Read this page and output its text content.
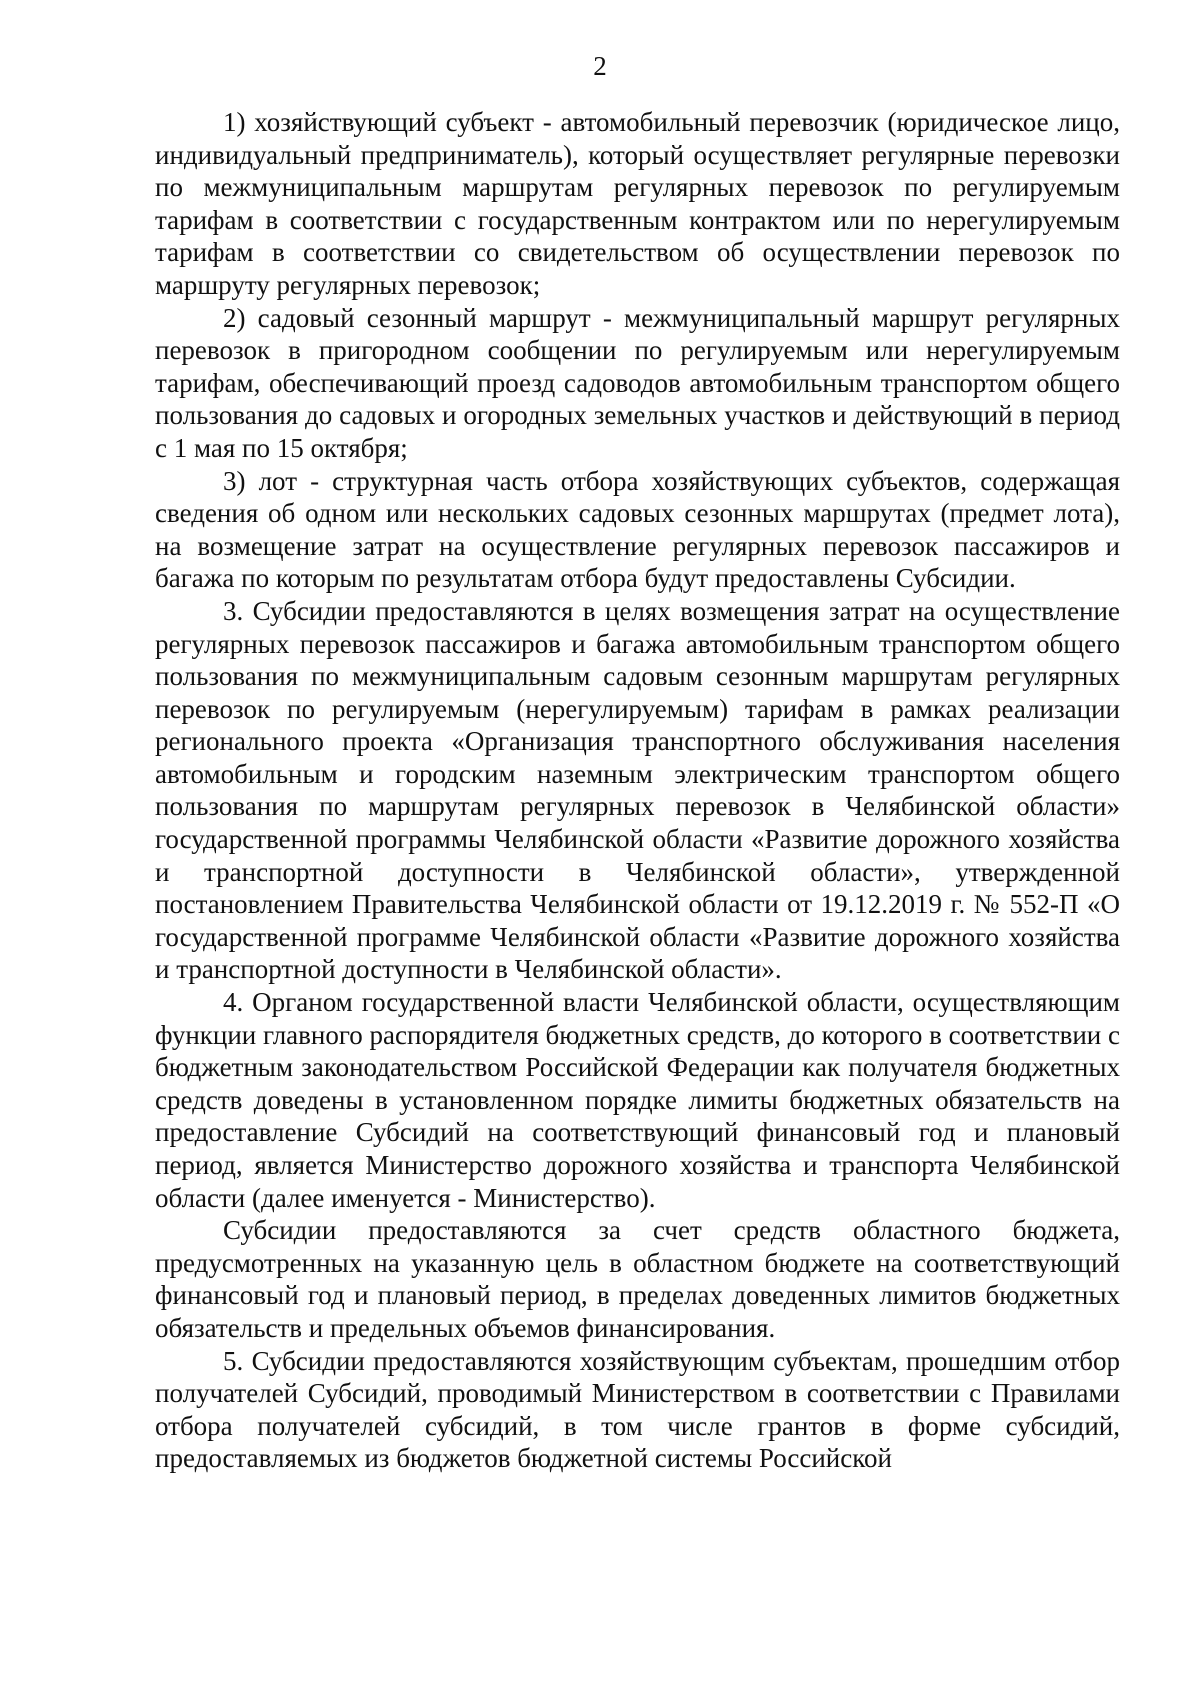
2

1) хозяйствующий субъект - автомобильный перевозчик (юридическое лицо, индивидуальный предприниматель), который осуществляет регулярные перевозки по межмуниципальным маршрутам регулярных перевозок по регулируемым тарифам в соответствии с государственным контрактом или по нерегулируемым тарифам в соответствии со свидетельством об осуществлении перевозок по маршруту регулярных перевозок;

2) садовый сезонный маршрут - межмуниципальный маршрут регулярных перевозок в пригородном сообщении по регулируемым или нерегулируемым тарифам, обеспечивающий проезд садоводов автомобильным транспортом общего пользования до садовых и огородных земельных участков и действующий в период с 1 мая по 15 октября;

3) лот - структурная часть отбора хозяйствующих субъектов, содержащая сведения об одном или нескольких садовых сезонных маршрутах (предмет лота), на возмещение затрат на осуществление регулярных перевозок пассажиров и багажа по которым по результатам отбора будут предоставлены Субсидии.

3. Субсидии предоставляются в целях возмещения затрат на осуществление регулярных перевозок пассажиров и багажа автомобильным транспортом общего пользования по межмуниципальным садовым сезонным маршрутам регулярных перевозок по регулируемым (нерегулируемым) тарифам в рамках реализации регионального проекта «Организация транспортного обслуживания населения автомобильным и городским наземным электрическим транспортом общего пользования по маршрутам регулярных перевозок в Челябинской области» государственной программы Челябинской области «Развитие дорожного хозяйства и транспортной доступности в Челябинской области», утвержденной постановлением Правительства Челябинской области от 19.12.2019 г. № 552-П «О государственной программе Челябинской области «Развитие дорожного хозяйства и транспортной доступности в Челябинской области».

4. Органом государственной власти Челябинской области, осуществляющим функции главного распорядителя бюджетных средств, до которого в соответствии с бюджетным законодательством Российской Федерации как получателя бюджетных средств доведены в установленном порядке лимиты бюджетных обязательств на предоставление Субсидий на соответствующий финансовый год и плановый период, является Министерство дорожного хозяйства и транспорта Челябинской области (далее именуется - Министерство).

Субсидии предоставляются за счет средств областного бюджета, предусмотренных на указанную цель в областном бюджете на соответствующий финансовый год и плановый период, в пределах доведенных лимитов бюджетных обязательств и предельных объемов финансирования.

5. Субсидии предоставляются хозяйствующим субъектам, прошедшим отбор получателей Субсидий, проводимый Министерством в соответствии с Правилами отбора получателей субсидий, в том числе грантов в форме субсидий, предоставляемых из бюджетов бюджетной системы Российской
